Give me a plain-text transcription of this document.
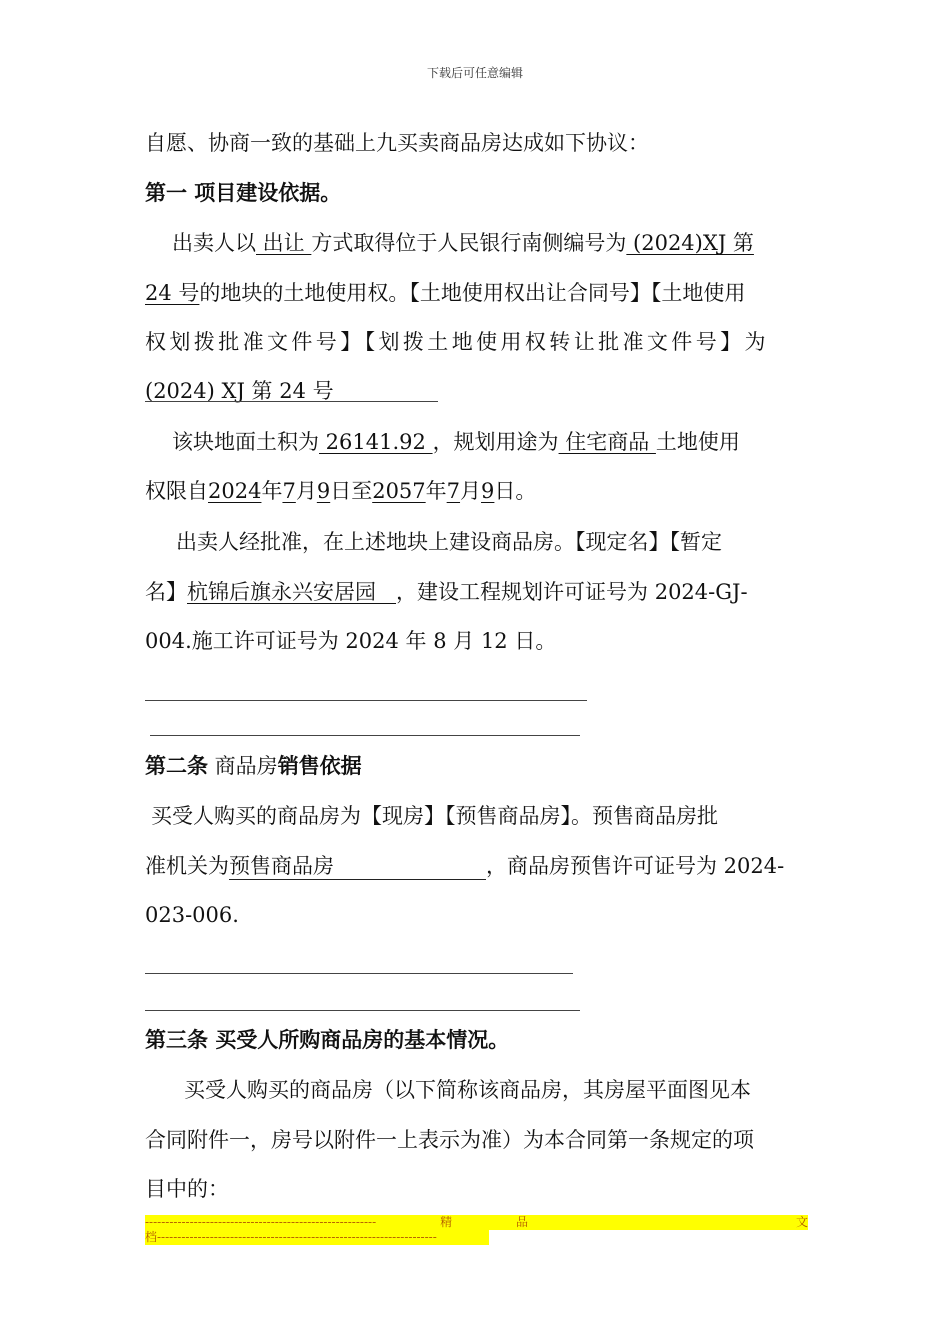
下载后可任意编辑
自愿、协商一致的基础上九买卖商品房达成如下协议：
第一 项目建设依据。
出卖人以 出让 方式取得位于人民银行南侧编号为 (2024)XJ 第
24 号的地块的土地使用权。【土地使用权出让合同号】【土地使用
权划拨批准文件号】【划拨土地使用权转让批准文件号】为
(2024) XJ 第 24 号
该块地面土积为 26141.92 ，规划用途为 住宅商品 土地使用
权限自2024年7月9日至2057年7月9日。
出卖人经批准，在上述地块上建设商品房。【现定名】【暂定
名】杭锦后旗永兴安居园   ，建设工程规划许可证号为 2024-GJ-
004.施工许可证号为 2024 年 8 月 12 日。
第二条 商品房销售依据
买受人购买的商品房为【现房】【预售商品房】。预售商品房批
准机关为预售商品房	，商品房预售许可证号为 2024-
023-006.
第三条 买受人所购商品房的基本情况。
买受人购买的商品房（以下简称该商品房，其房屋平面图见本
合同附件一，房号以附件一上表示为准）为本合同第一条规定的项
目中的：
---------------------------------------------------------	精	品	文
档---------------------------------------------------------------------
